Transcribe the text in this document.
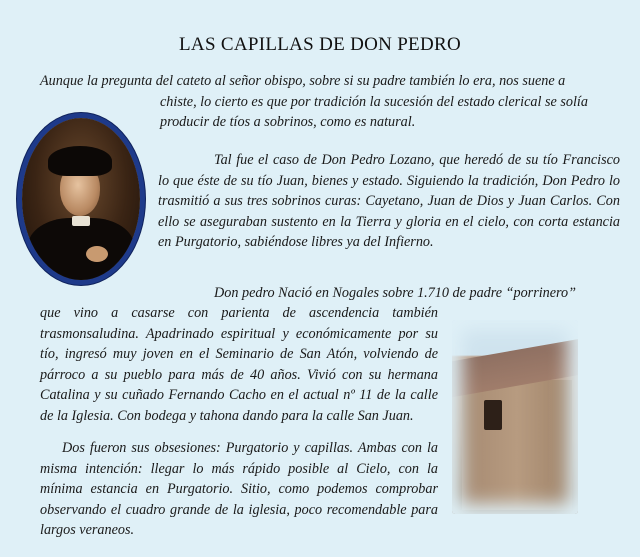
LAS CAPILLAS DE DON PEDRO
Aunque la pregunta del cateto al señor obispo, sobre si su padre también lo era, nos suene a
chiste, lo cierto es que por tradición la sucesión del estado clerical se solía producir de tíos a sobrinos, como es natural.
Tal fue el caso de Don Pedro Lozano, que heredó de su tío Francisco lo que éste de su tío Juan, bienes y estado. Siguiendo la tradición, Don Pedro lo trasmitió a sus tres sobrinos curas: Cayetano, Juan de Dios y Juan Carlos. Con ello se aseguraban sustento en la Tierra y gloria en el cielo, con corta estancia en Purgatorio, sabiéndose libres ya del Infierno.
Don pedro Nació en Nogales sobre 1.710 de padre “porrinero”
que vino a casarse con parienta de ascendencia también trasmonsaludina. Apadrinado espiritual y económicamente por su tío, ingresó muy joven en el Seminario de San Atón, volviendo de párroco a su pueblo para más de 40 años. Vivió con su hermana Catalina y su cuñado Fernando Cacho en el actual nº 11 de la calle de la Iglesia. Con bodega y tahona dando para la calle San Juan.
Dos fueron sus obsesiones: Purgatorio y capillas. Ambas con la misma intención: llegar lo más rápido posible al Cielo, con la mínima estancia en Purgatorio. Sitio, como podemos comprobar observando el cuadro grande de la iglesia, poco recomendable para largos veraneos.
